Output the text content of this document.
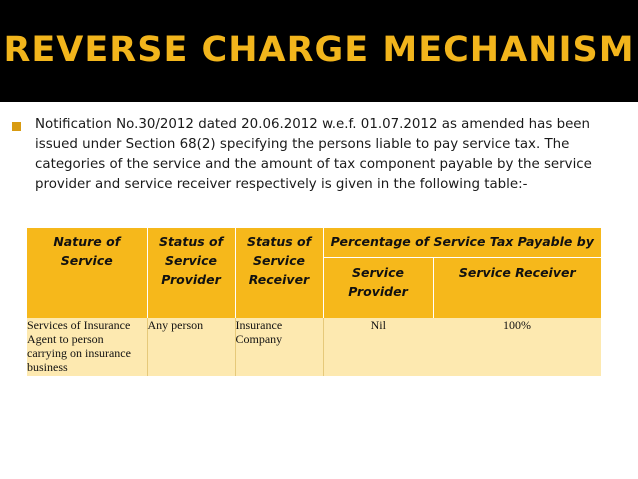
REVERSE CHARGE MECHANISM
Notification No.30/2012 dated 20.06.2012 w.e.f. 01.07.2012 as amended has been issued under Section 68(2) specifying the persons liable to pay service tax. The categories of the service and the amount of tax component payable by the service provider and service receiver respectively is given in the following table:-
Nature of Service	Status of Service Provider	Status of Service Receiver	Percentage of Service Tax Payable by	

			Service Provider	Service Receiver

Services of Insurance Agent to person carrying on insurance business	Any person	Insurance Company	Nil	100%
